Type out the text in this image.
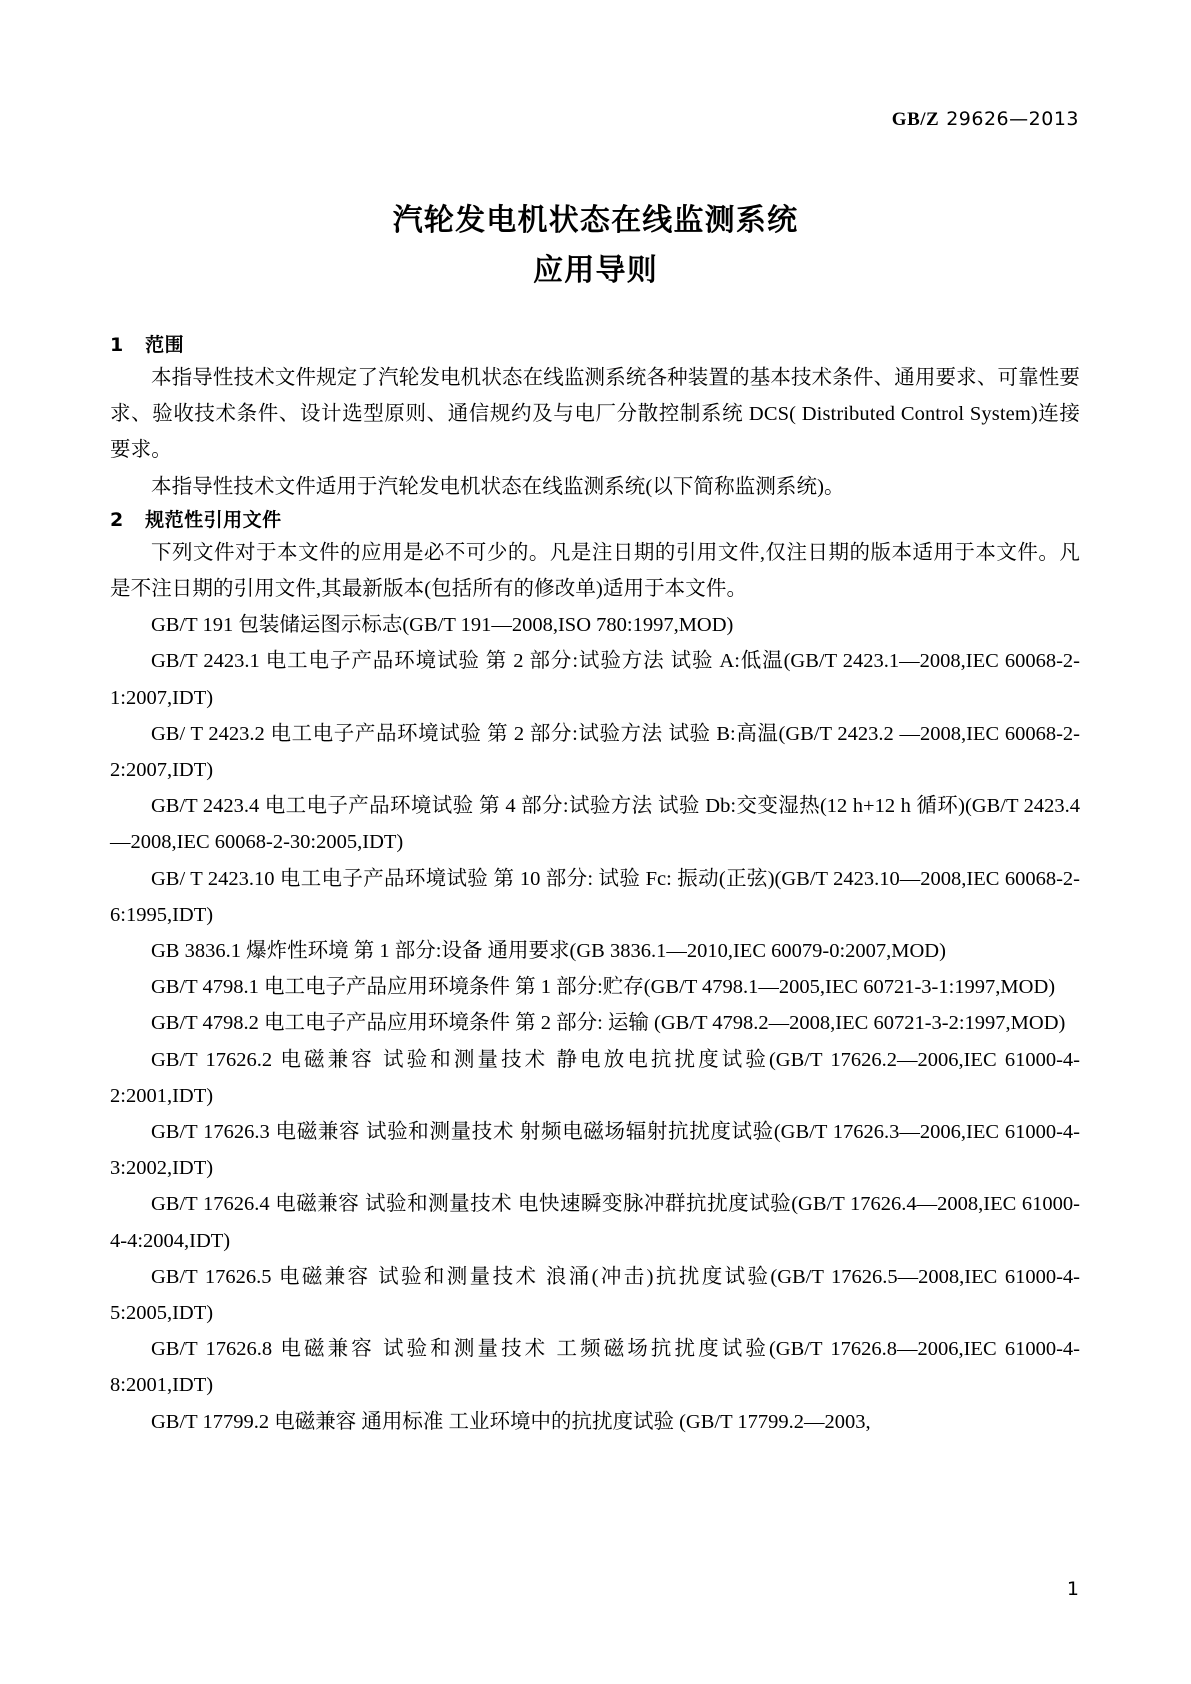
GB/Z 29626—2013
汽轮发电机状态在线监测系统
应用导则
1   范围

本指导性技术文件规定了汽轮发电机状态在线监测系统各种装置的基本技术条件、通用要求、可靠性要求、验收技术条件、设计选型原则、通信规约及与电厂分散控制系统 DCS( Distributed Control System)连接要求。

本指导性技术文件适用于汽轮发电机状态在线监测系统(以下简称监测系统)。

2   规范性引用文件

下列文件对于本文件的应用是必不可少的。凡是注日期的引用文件,仅注日期的版本适用于本文件。凡是不注日期的引用文件,其最新版本(包括所有的修改单)适用于本文件。

GB/T 191 包装储运图示标志(GB/T 191—2008,ISO 780:1997,MOD)

GB/T 2423.1 电工电子产品环境试验 第 2 部分:试验方法 试验 A:低温(GB/T 2423.1—2008,IEC 60068-2-1:2007,IDT)

GB/ T 2423.2 电工电子产品环境试验 第 2 部分:试验方法 试验 B:高温(GB/T 2423.2 —2008,IEC 60068-2-2:2007,IDT)

GB/T 2423.4 电工电子产品环境试验 第 4 部分:试验方法 试验 Db:交变湿热(12 h+12 h 循环)(GB/T 2423.4—2008,IEC 60068-2-30:2005,IDT)

GB/ T 2423.10 电工电子产品环境试验 第 10 部分: 试验 Fc: 振动(正弦)(GB/T 2423.10—2008,IEC 60068-2-6:1995,IDT)

GB 3836.1 爆炸性环境 第 1 部分:设备 通用要求(GB 3836.1—2010,IEC 60079-0:2007,MOD)

GB/T 4798.1 电工电子产品应用环境条件 第 1 部分:贮存(GB/T 4798.1—2005,IEC 60721-3-1:1997,MOD)

GB/T 4798.2 电工电子产品应用环境条件 第 2 部分: 运输 (GB/T 4798.2—2008,IEC 60721-3-2:1997,MOD)

GB/T 17626.2 电磁兼容 试验和测量技术 静电放电抗扰度试验(GB/T 17626.2—2006,IEC 61000-4-2:2001,IDT)

GB/T 17626.3 电磁兼容 试验和测量技术 射频电磁场辐射抗扰度试验(GB/T 17626.3—2006,IEC 61000-4-3:2002,IDT)

GB/T 17626.4 电磁兼容 试验和测量技术 电快速瞬变脉冲群抗扰度试验(GB/T 17626.4—2008,IEC 61000-4-4:2004,IDT)

GB/T 17626.5 电磁兼容 试验和测量技术 浪涌(冲击)抗扰度试验(GB/T 17626.5—2008,IEC 61000-4-5:2005,IDT)

GB/T 17626.8 电磁兼容 试验和测量技术 工频磁场抗扰度试验(GB/T 17626.8—2006,IEC 61000-4-8:2001,IDT)

GB/T 17799.2 电磁兼容 通用标准 工业环境中的抗扰度试验 (GB/T 17799.2—2003,

1
